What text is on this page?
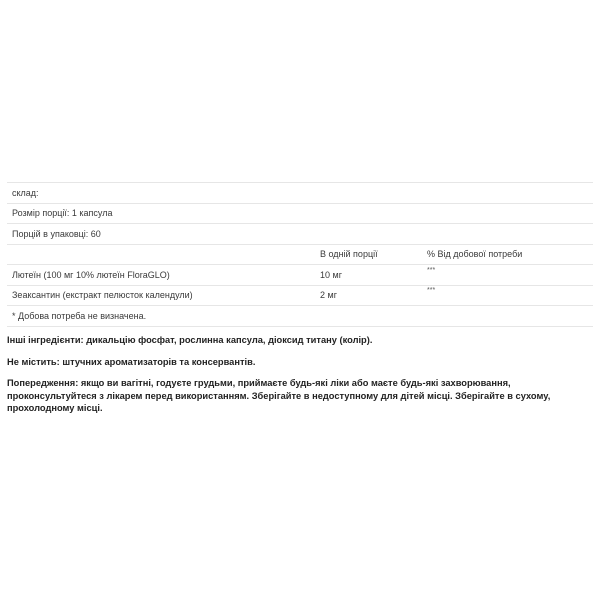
склад:		
Розмір порції: 1 капсула		
Порцій в упаковці: 60		
	В одній порції	% Від добової потреби
Лютеїн (100 мг 10% лютеїн FloraGLO)	10 мг	***
Зеаксантин (екстракт пелюсток календули)	2 мг	***
* Добова потреба не визначена.		

Інші інгредієнти: дикальцію фосфат, рослинна капсула, діоксид титану (колір).

Не містить: штучних ароматизаторів та консервантів.

Попередження: якщо ви вагітні, годуєте грудьми, приймаєте будь-які ліки або маєте будь-які захворювання, проконсультуйтеся з лікарем перед використанням. Зберігайте в недоступному для дітей місці. Зберігайте в сухому, прохолодному місці.
